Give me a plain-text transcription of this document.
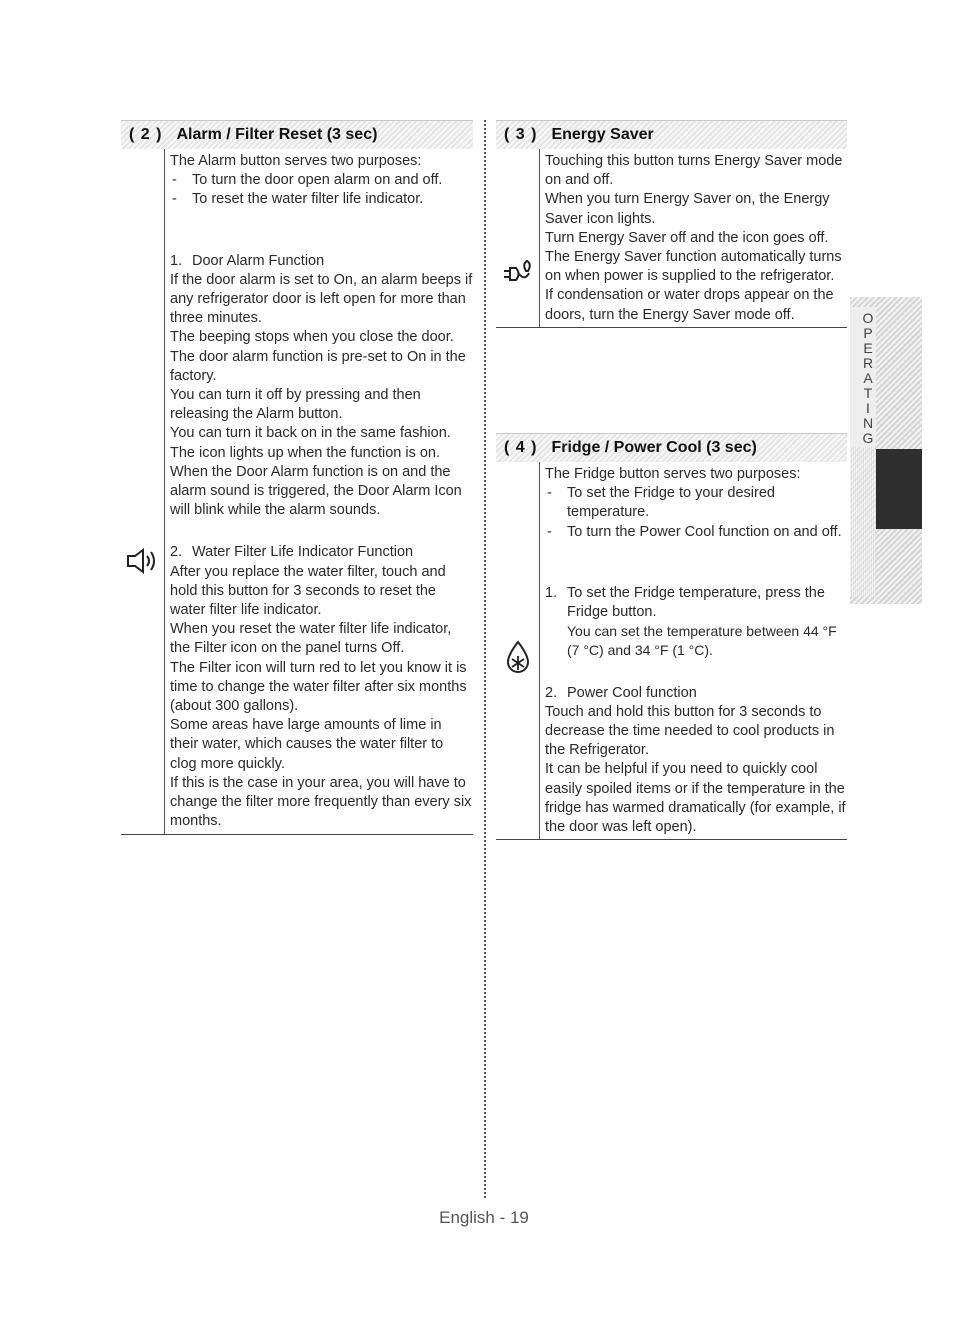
( 2 ) Alarm / Filter Reset (3 sec)

The Alarm button serves two purposes:

- To turn the door open alarm on and off.

- To reset the water filter life indicator.

1. Door Alarm Function

If the door alarm is set to On, an alarm beeps if any refrigerator door is left open for more than three minutes.

The beeping stops when you close the door.

The door alarm function is pre-set to On in the factory.

You can turn it off by pressing and then releasing the Alarm button.

You can turn it back on in the same fashion.

The icon lights up when the function is on.

When the Door Alarm function is on and the alarm sound is triggered, the Door Alarm Icon will blink while the alarm sounds.

2. Water Filter Life Indicator Function

After you replace the water filter, touch and hold this button for 3 seconds to reset the water filter life indicator.

When you reset the water filter life indicator, the Filter icon on the panel turns Off.

The Filter icon will turn red to let you know it is time to change the water filter after six months (about 300 gallons).

Some areas have large amounts of lime in their water, which causes the water filter to clog more quickly.

If this is the case in your area, you will have to change the filter more frequently than every six months.

( 3 ) Energy Saver

Touching this button turns Energy Saver mode on and off.

When you turn Energy Saver on, the Energy Saver icon lights.

Turn Energy Saver off and the icon goes off.

The Energy Saver function automatically turns on when power is supplied to the refrigerator.

If condensation or water drops appear on the doors, turn the Energy Saver mode off.

( 4 ) Fridge / Power Cool (3 sec)

The Fridge button serves two purposes:

- To set the Fridge to your desired temperature.

- To turn the Power Cool function on and off.

1. To set the Fridge temperature, press the Fridge button.

You can set the temperature between 44 °F (7 °C) and 34 °F (1 °C).

2. Power Cool function

Touch and hold this button for 3 seconds to decrease the time needed to cool products in the Refrigerator.

It can be helpful if you need to quickly cool easily spoiled items or if the temperature in the fridge has warmed dramatically (for example, if the door was left open).

OPERATING
English - 19
